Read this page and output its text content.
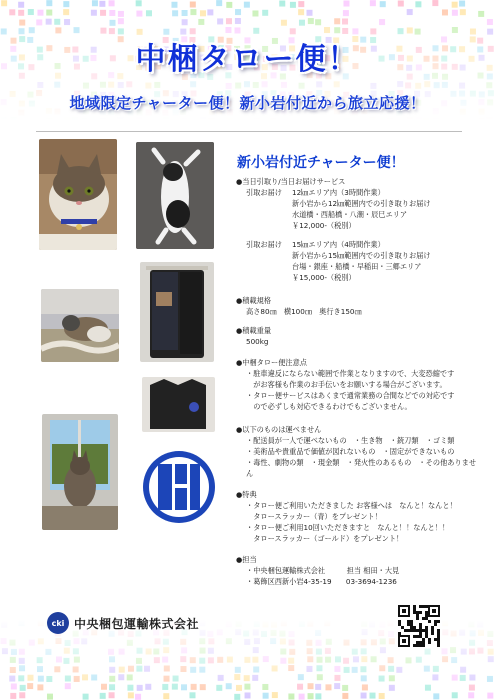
中梱タロー便！
地域限定チャーター便！新小岩付近から旅立応援！
新小岩付近チャーター便！
●当日引取り/当日お届けサービス
引取お届け	12㎞エリア内（3時間作業）
新小岩から12㎞範囲内での引き取りお届け
水道橋・西船橋・八潮・辰巳エリア
￥12,000-（税別）
引取お届け	15㎞エリア内（4時間作業）
新小岩から15㎞範囲内での引き取りお届け
台場・銀座・船橋・早稲田・三郷エリア
￥15,000-（税別）
●積載規格
高さ80㎝　横100㎝　奥行き150㎝
●積載重量
500kg
●中梱タロー便注意点
・駐車違反にならない範囲で作業となりますので、大変恐縮です
　がお客様も作業のお手伝いをお願いする場合がございます。
・タロー便サービスはあくまで通常業務の合間などでの対応です
　ので必ずしも対応できるわけでもございません。
●以下のものは運べません
・配送員が一人で運べないもの　・生き物　・銃刀類　・ゴミ類
・美術品や貴重品で価値が図れないもの　・固定ができないもの
・毒性、劇物の類　・現金類　・発火性のあるもの　・その他ありません
●特典
・タロー便ご利用いただきました お客様へは　なんと！なんと！
　タロースラッカー（青）をプレゼント！
・タロー便ご利用10回いただきますと　なんと！！なんと！！
　タロースラッカー（ゴールド）をプレゼント！
●担当
・中央梱包運輸株式会社　　　担当 相田・大見
・葛飾区西新小岩4-35-19　　03-3694-1236
cki 中央梱包運輸株式会社
